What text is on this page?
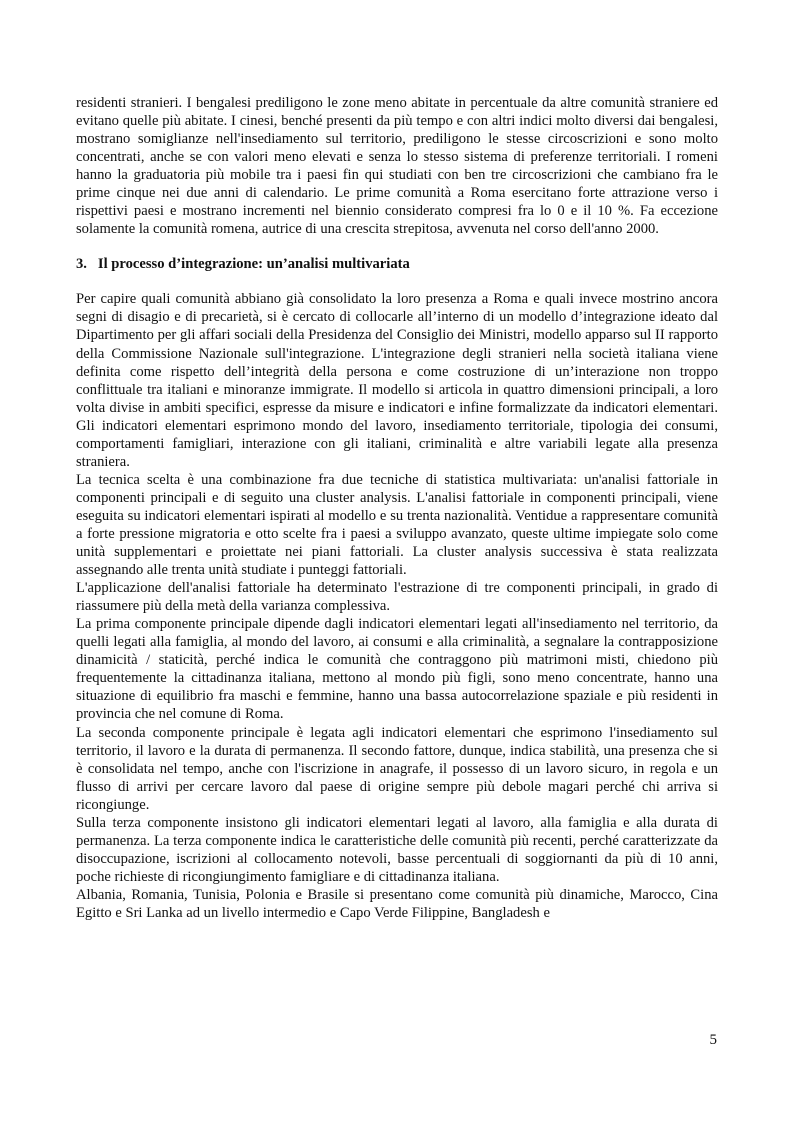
residenti stranieri. I bengalesi prediligono le zone meno abitate in percentuale da altre comunità straniere ed evitano quelle più abitate. I cinesi, benché presenti da più tempo e con altri indici molto diversi dai bengalesi, mostrano somiglianze nell'insediamento sul territorio, prediligono le stesse circoscrizioni e sono molto concentrati, anche se con valori meno elevati e senza lo stesso sistema di preferenze territoriali. I romeni hanno la graduatoria più mobile tra i paesi fin qui studiati con ben tre circoscrizioni che cambiano fra le prime cinque nei due anni di calendario. Le prime comunità a Roma esercitano forte attrazione verso i rispettivi paesi e mostrano incrementi nel biennio considerato compresi fra lo 0 e il 10 %. Fa eccezione solamente la comunità romena, autrice di una crescita strepitosa, avvenuta nel corso dell'anno 2000.

3. Il processo d’integrazione: un’analisi multivariata

Per capire quali comunità abbiano già consolidato la loro presenza a Roma e quali invece mostrino ancora segni di disagio e di precarietà, si è cercato di collocarle all’interno di un modello d’integrazione ideato dal Dipartimento per gli affari sociali della Presidenza del Consiglio dei Ministri, modello apparso sul II rapporto della Commissione Nazionale sull'integrazione. L'integrazione degli stranieri nella società italiana viene definita come rispetto dell’integrità della persona e come costruzione di un’interazione non troppo conflittuale tra italiani e minoranze immigrate. Il modello si articola in quattro dimensioni principali, a loro volta divise in ambiti specifici, espresse da misure e indicatori e infine formalizzate da indicatori elementari. Gli indicatori elementari esprimono mondo del lavoro, insediamento territoriale, tipologia dei consumi, comportamenti famigliari, interazione con gli italiani, criminalità e altre variabili legate alla presenza straniera.

La tecnica scelta è una combinazione fra due tecniche di statistica multivariata: un'analisi fattoriale in componenti principali e di seguito una cluster analysis. L'analisi fattoriale in componenti principali, viene eseguita su indicatori elementari ispirati al modello e su trenta nazionalità. Ventidue a rappresentare comunità a forte pressione migratoria e otto scelte fra i paesi a sviluppo avanzato, queste ultime impiegate solo come unità supplementari e proiettate nei piani fattoriali. La cluster analysis successiva è stata realizzata assegnando alle trenta unità studiate i punteggi fattoriali.

L'applicazione dell'analisi fattoriale ha determinato l'estrazione di tre componenti principali, in grado di riassumere più della metà della varianza complessiva.

La prima componente principale dipende dagli indicatori elementari legati all'insediamento nel territorio, da quelli legati alla famiglia, al mondo del lavoro, ai consumi e alla criminalità, a segnalare la contrapposizione dinamicità / staticità, perché indica le comunità che contraggono più matrimoni misti, chiedono più frequentemente la cittadinanza italiana, mettono al mondo più figli, sono meno concentrate, hanno una situazione di equilibrio fra maschi e femmine, hanno una bassa autocorrelazione spaziale e più residenti in provincia che nel comune di Roma.

La seconda componente principale è legata agli indicatori elementari che esprimono l'insediamento sul territorio, il lavoro e la durata di permanenza. Il secondo fattore, dunque, indica stabilità, una presenza che si è consolidata nel tempo, anche con l'iscrizione in anagrafe, il possesso di un lavoro sicuro, in regola e un flusso di arrivi per cercare lavoro dal paese di origine sempre più debole magari perché chi arriva si ricongiunge.

Sulla terza componente insistono gli indicatori elementari legati al lavoro, alla famiglia e alla durata di permanenza. La terza componente indica le caratteristiche delle comunità più recenti, perché caratterizzate da disoccupazione, iscrizioni al collocamento notevoli, basse percentuali di soggiornanti da più di 10 anni, poche richieste di ricongiungimento famigliare e di cittadinanza italiana.

Albania, Romania, Tunisia, Polonia e Brasile si presentano come comunità più dinamiche, Marocco, Cina Egitto e Sri Lanka ad un livello intermedio e Capo Verde Filippine, Bangladesh e

5
